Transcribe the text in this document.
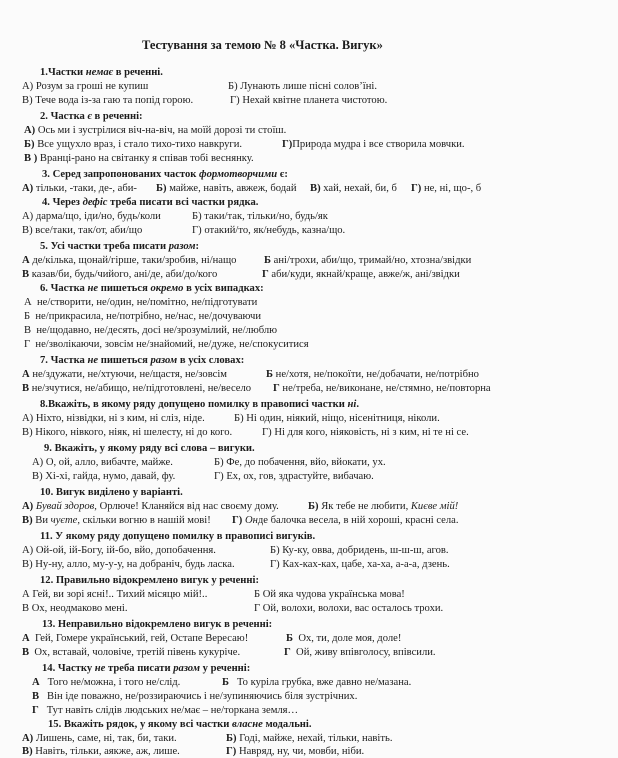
Тестування за темою № 8 «Частка. Вигук»
1.Частки немає в реченні.
А) Розум за гроші не купиш	Б) Лунають лише пісні солов’їні.
В) Тече вода із-за гаю та попід горою.	Г) Нехай квітне планета чистотою.
2. Частка є в реченні:
А) Ось ми і зустрілися віч-на-віч, на моїй дорозі ти стоїш.
Б) Все ущухло враз, і стало тихо-тихо навкруги.	Г)Природа мудра і все створила мовчки.
В ) Вранці-рано на світанку я співав тобі веснянку.
3. Серед запропонованих часток формотворчими є:
А) тільки, -таки, де-, аби- Б) майже, навіть, авжеж, бодай В) хай, нехай, би, б Г) не, ні, що-, б
4. Через дефіс треба писати всі частки рядка.
А) дарма/що, іди/но, будь/коли	Б) таки/так, тільки/но, будь/як
В) все/таки, так/от, аби/що	Г) отакий/то, як/небудь, казна/що.
5. Усі частки треба писати разом:
А де/кілька, щонай/гірше, таки/зробив, ні/нащо	Б ані/трохи, аби/що, тримай/но, хтозна/звідки
В казав/би, будь/чийого, ані/де, аби/до/кого	Г аби/куди, якнай/краще, авже/ж, ані/звідки
6. Частка не пишеться окремо в усіх випадках:
А не/створити, не/один, не/помітно, не/підготувати
Б не/прикрасила, не/потрібно, не/нас, не/дочуваючи
В не/щодавно, не/десять, досі не/зрозумілий, не/люблю
Г не/зволікаючи, зовсім не/знайомий, не/дуже, не/спокуситися
7. Частка не пишеться разом в усіх словах:
А не/здужати, не/хтуючи, не/щастя, не/зовсім	Б не/хотя, не/покоїти, не/добачати, не/потрібно
В не/зчутися, не/абищо, не/підготовлені, не/весело Г не/треба, не/виконане, не/стямно, не/повторна
8.Вкажіть, в якому ряду допущено помилку в правописі частки ні.
А) Ніхто, нізвідки, ні з ким, ні сліз, ніде.	Б) Ні один, ніякий, ніщо, нісенітниця, ніколи.
В) Нікого, нівкого, ніяк, ні шелесту, ні до кого.	Г) Ні для кого, ніяковість, ні з ким, ні те ні се.
9. Вкажіть, у якому ряду всі слова – вигуки.
А) О, ой, алло, вибачте, майже.	Б) Фе, до побачення, вйо, вйокати, ух.
В) Хі-хі, гайда, нумо, давай, фу.	Г) Ех, ох, гов, здрастуйте, вибачаю.
10. Вигук виділено у варіанті.
А) Бувай здоров, Орлюче! Кланяйся від нас своєму дому.	Б) Як тебе не любити, Києве мій!
В) Ви чуєте, скільки вогню в нашій мові! Г) Онде балочка весела, в ній хороші, красні села.
11. У якому ряду допущено помилку в правописі вигуків.
А) Ой-ой, ій-Богу, ій-бо, вйо, допобачення.	Б) Ку-ку, овва, добридень, ш-ш-ш, агов.
В) Ну-ну, алло, му-у-у, на добраніч, будь ласка.	Г) Ках-ках-ках, цабе, ха-ха, а-а-а, дзень.
12. Правильно відокремлено вигук у реченні:
А Гей, ви зорі ясні!.. Тихий місяцю мій!..	Б Ой яка чудова українська мова!
В Ох, неодмаково мені.	Г Ой, волохи, волохи, вас осталось трохи.
13. Неправильно відокремлено вигук в реченні:
А Гей, Гомере український, гей, Остапе Вересаю!	Б Ох, ти, доле моя, доле!
В Ох, вставай, чоловіче, третій півень кукуріче.	Г Ой, живу впівголосу, впівсили.
14. Частку не треба писати разом у реченні:
А Того не/можна, і того не/слід.	Б То куріла грубка, вже давно не/мазана.
В Він іде поважно, не/роззираючись і не/зупиняючись біля зустрічних.
Г Тут навіть слідів людських не/має – не/торкана земля…
15. Вкажіть рядок, у якому всі частки власне модальні.
А) Лишень, саме, ні, так, би, таки.	Б) Годі, майже, нехай, тільки, навіть.
В) Навіть, тільки, аякже, аж, лише.	Г) Навряд, ну, чи, мовби, ніби.
